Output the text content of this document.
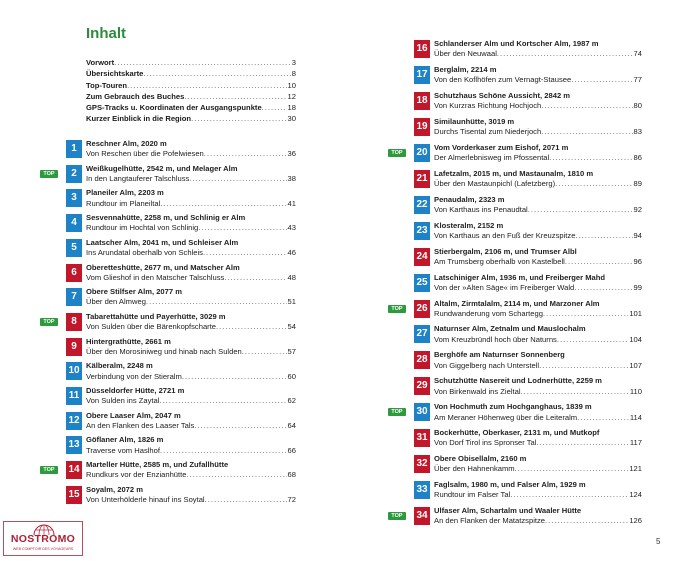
Inhalt
Vorwort .....	3
Übersichtskarte .....	8
Top-Touren .....	10
Zum Gebrauch des Buches .....	12
GPS-Tracks u. Koordinaten der Ausgangspunkte .....	18
Kurzer Einblick in die Region .....	30
1	Reschner Alm, 2020 m
Von Reschen über die Pofelwiesen .....	36
TOP	2	Weißkugelhütte, 2542 m, und Melager Alm
In den Langtauferer Talschluss .....	38
3	Planeiler Alm, 2203 m
Rundtour im Planeiltal .....	41
4	Sesvennahütte, 2258 m, und Schlinig er Alm
Rundtour im Hochtal von Schlinig .....	43
5	Laatscher Alm, 2041 m, und Schleiser Alm
Ins Arundatal oberhalb von Schleis .....	46
6	Oberetteshütte, 2677 m, und Matscher Alm
Vom Glieshof in den Matscher Talschluss .....	48
7	Obere Stilfser Alm, 2077 m
Über den Almweg .....	51
TOP	8	Tabarettahütte und Payerhütte, 3029 m
Von Sulden über die Bärenkopfscharte .....	54
9	Hintergrathütte, 2661 m
Über den Morosiniweg und hinab nach Sulden .....	57
10 Kälberalm, 2248 m
Verbindung von der Stieralm .....	60
11 Düsseldorfer Hütte, 2721 m
Von Sulden ins Zaytal .....	62
12 Obere Laaser Alm, 2047 m
An den Flanken des Laaser Tals .....	64
13 Göflaner Alm, 1826 m
Traverse vom Haslhof .....	66
TOP	14 Marteller Hütte, 2585 m, und Zufallhütte
Rundkurs vor der Enzianhütte .....	68
15 Soyalm, 2072 m
Von Unterhölderle hinauf ins Soytal .....	72
16 Schlanderser Alm und Kortscher Alm, 1987 m
Über den Neuwaal .....	74
17 Berglalm, 2214 m
Von den Koflhöfen zum Vernagt-Stausee .....	77
18 Schutzhaus Schöne Aussicht, 2842 m
Von Kurzras Richtung Hochjoch .....	80
19 Similaunhütte, 3019 m
Durchs Tisental zum Niederjoch .....	83
TOP	20 Vom Vorderkaser zum Eishof, 2071 m
Der Almerlebnisweg im Pfossental .....	86
21 Lafetzalm, 2015 m, und Mastaunalm, 1810 m
Über den Mastaunpichl (Lafetzberg) .....	89
22 Penaudalm, 2323 m
Von Karthaus ins Penaudtal .....	92
23 Klosteralm, 2152 m
Von Karthaus an den Fuß der Kreuzspitze .....	94
24 Stierbergalm, 2106 m, und Trumser Albl
Am Trumsberg oberhalb von Kastelbell .....	96
25 Latschiniger Alm, 1936 m, und Freiberger Mahd
Von der »Alten Säge« im Freiberger Wald .....	99
TOP	26 Altalm, Zirmtalalm, 2114 m, und Marzoner Alm
Rundwanderung vom Schartegg .....	101
27 Naturnser Alm, Zetnalm und Mauslochalm
Vom Kreuzbründl hoch über Naturns .....	104
28 Berghöfe am Naturnser Sonnenberg
Von Giggelberg nach Unterstell .....	107
29 Schutzhütte Nasereit und Lodnerhütte, 2259 m
Von Birkenwald ins Zieltal .....	110
TOP	30 Von Hochmuth zum Hochganghaus, 1839 m
Am Meraner Höhenweg über die Leiteralm .....	114
31 Bockerhütte, Oberkaser, 2131 m, und Mutkopf
Von Dorf Tirol ins Spronser Tal .....	117
32 Obere Obisellalm, 2160 m
Über den Hahnenkamm .....	121
33 Faglsalm, 1980 m, und Falser Alm, 1929 m
Rundtour im Falser Tal .....	124
TOP	34 Ulfaser Alm, Schartalm und Waaler Hütte
An den Flanken der Matatzspitze .....	126
5
NOSTROMO
WEB COMPTOIR DES VOYAGEURS
